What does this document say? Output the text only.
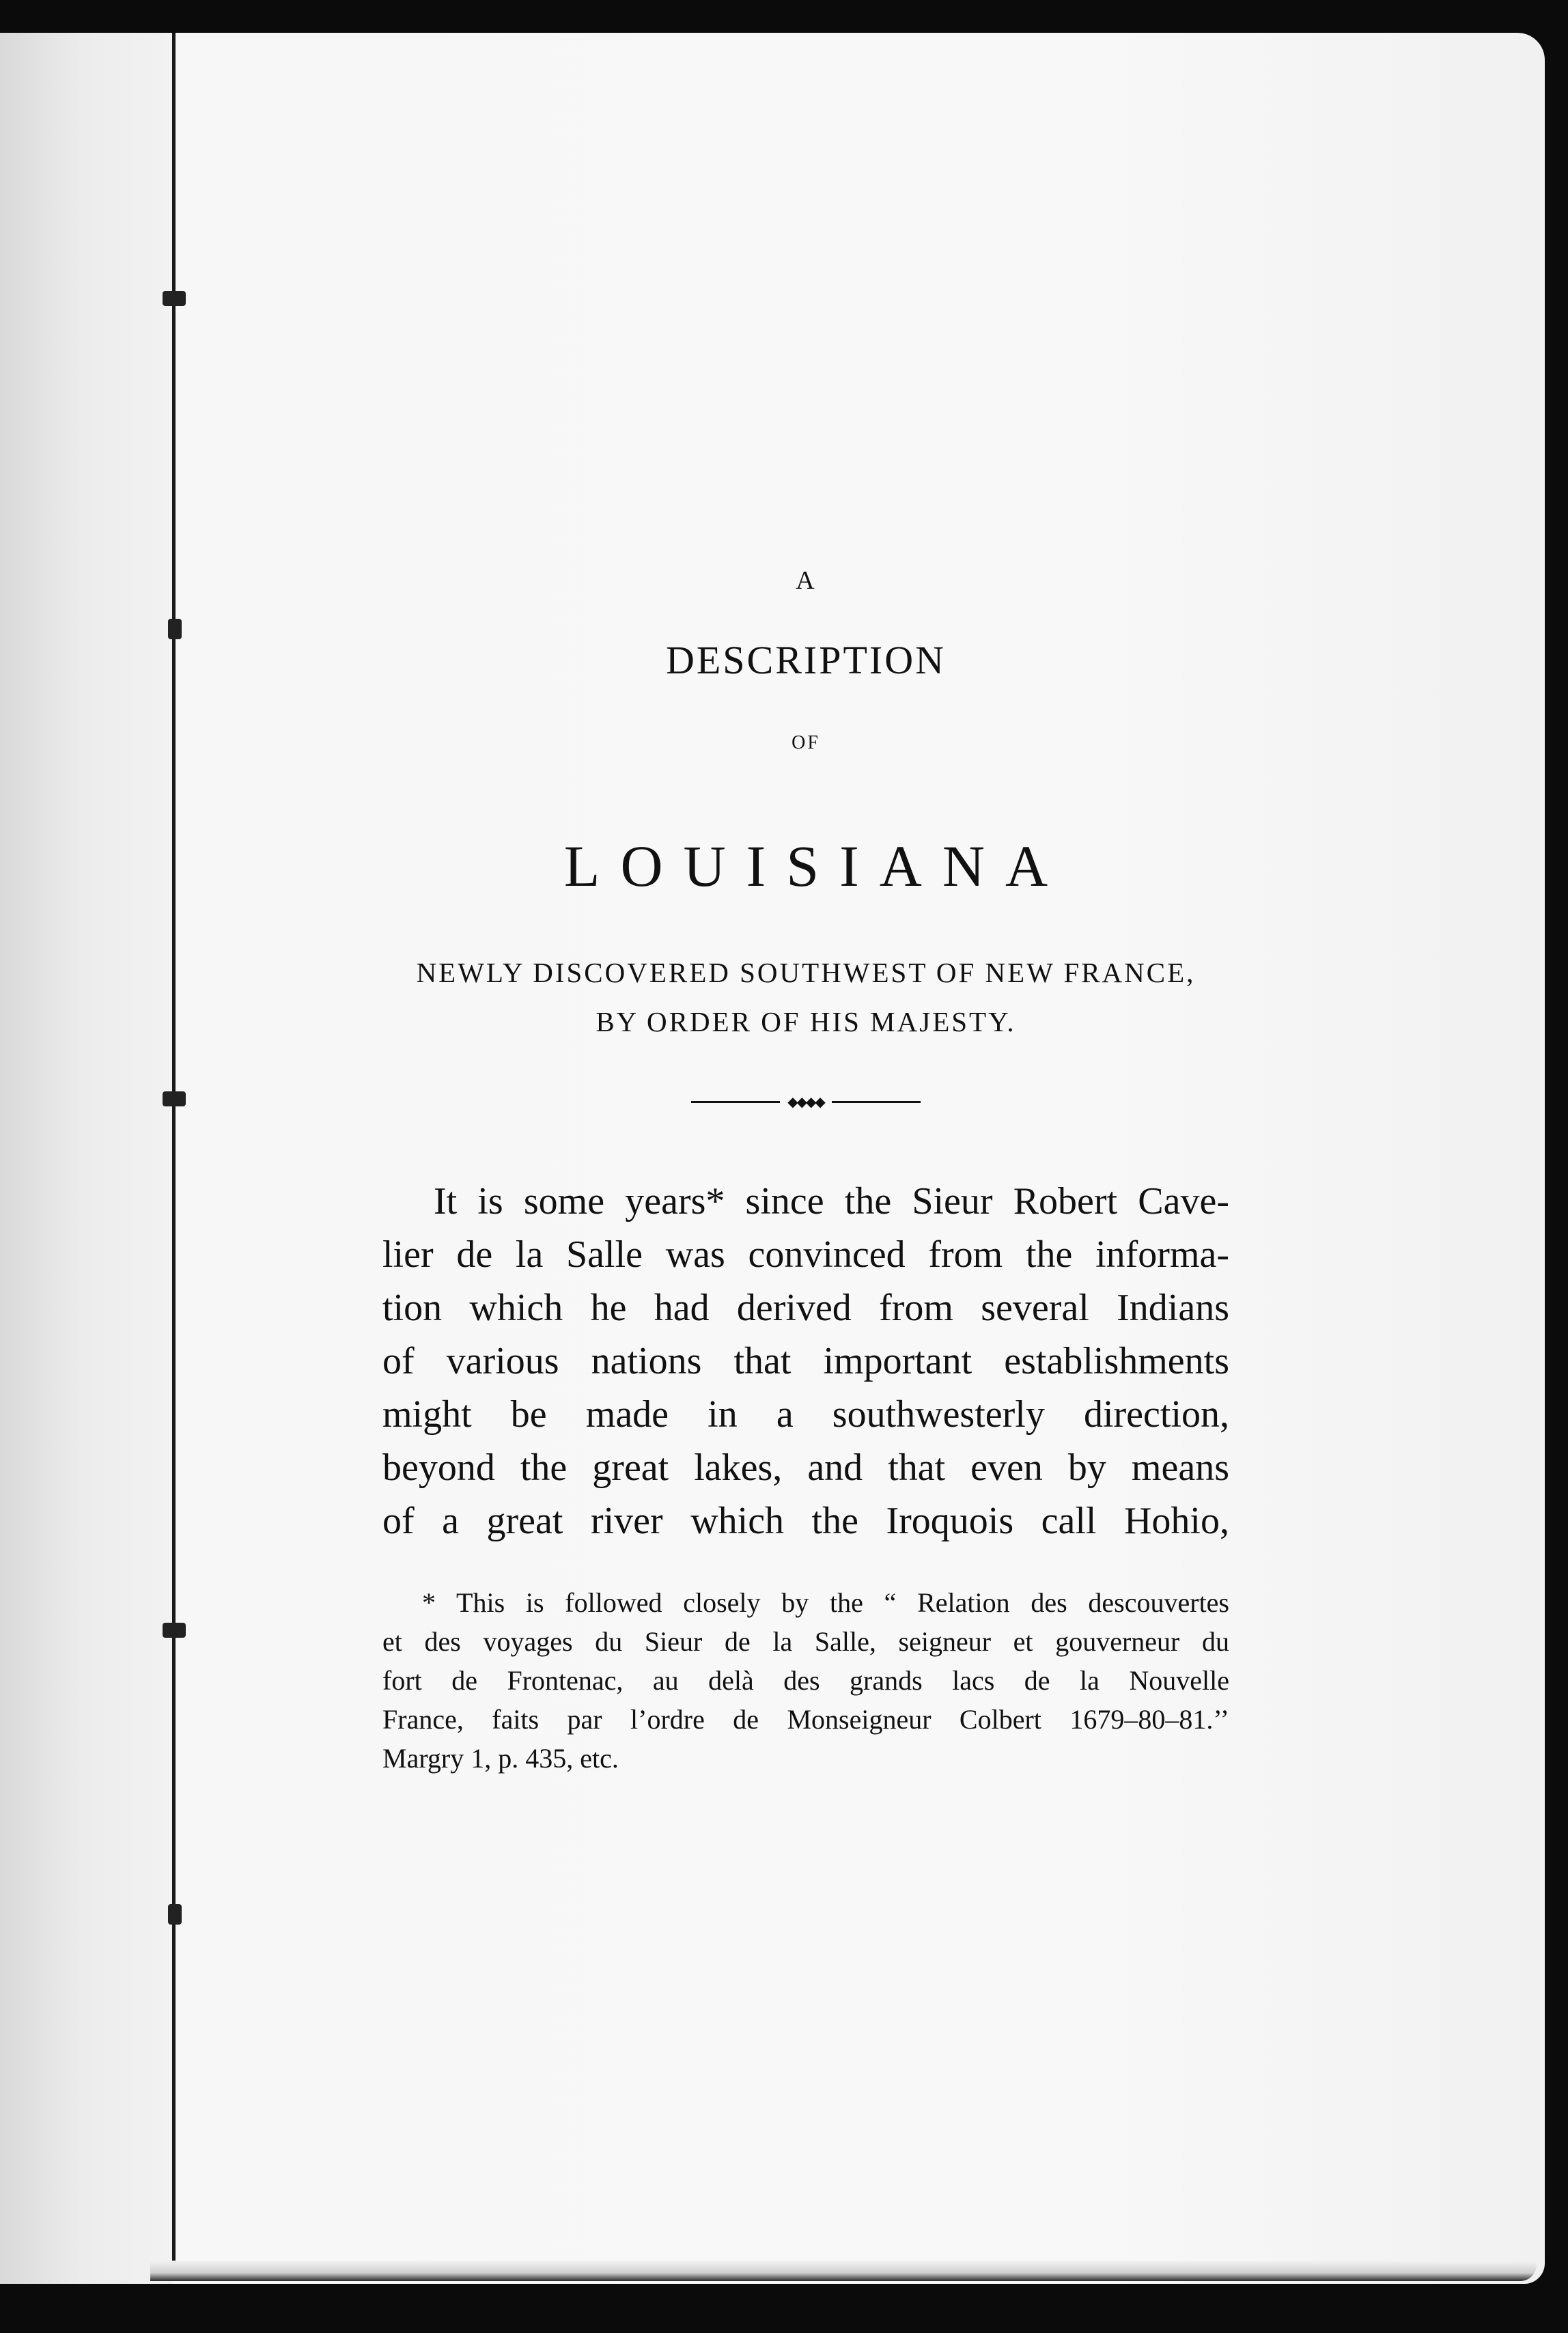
A
DESCRIPTION
OF
LOUISIANA
NEWLY DISCOVERED SOUTHWEST OF NEW FRANCE,
BY ORDER OF HIS MAJESTY.
◆◆◆◆
It is some years* since the Sieur Robert Cave-
lier de la Salle was convinced from the informa-
tion which he had derived from several Indians
of various nations that important establishments
might be made in a southwesterly direction,
beyond the great lakes, and that even by means
of a great river which the Iroquois call Hohio,
* This is followed closely by the “ Relation des descouvertes
et des voyages du Sieur de la Salle, seigneur et gouverneur du
fort de Frontenac, au delà des grands lacs de la Nouvelle
France, faits par l’ordre de Monseigneur Colbert 1679–80–81.’’
Margry 1, p. 435, etc.
